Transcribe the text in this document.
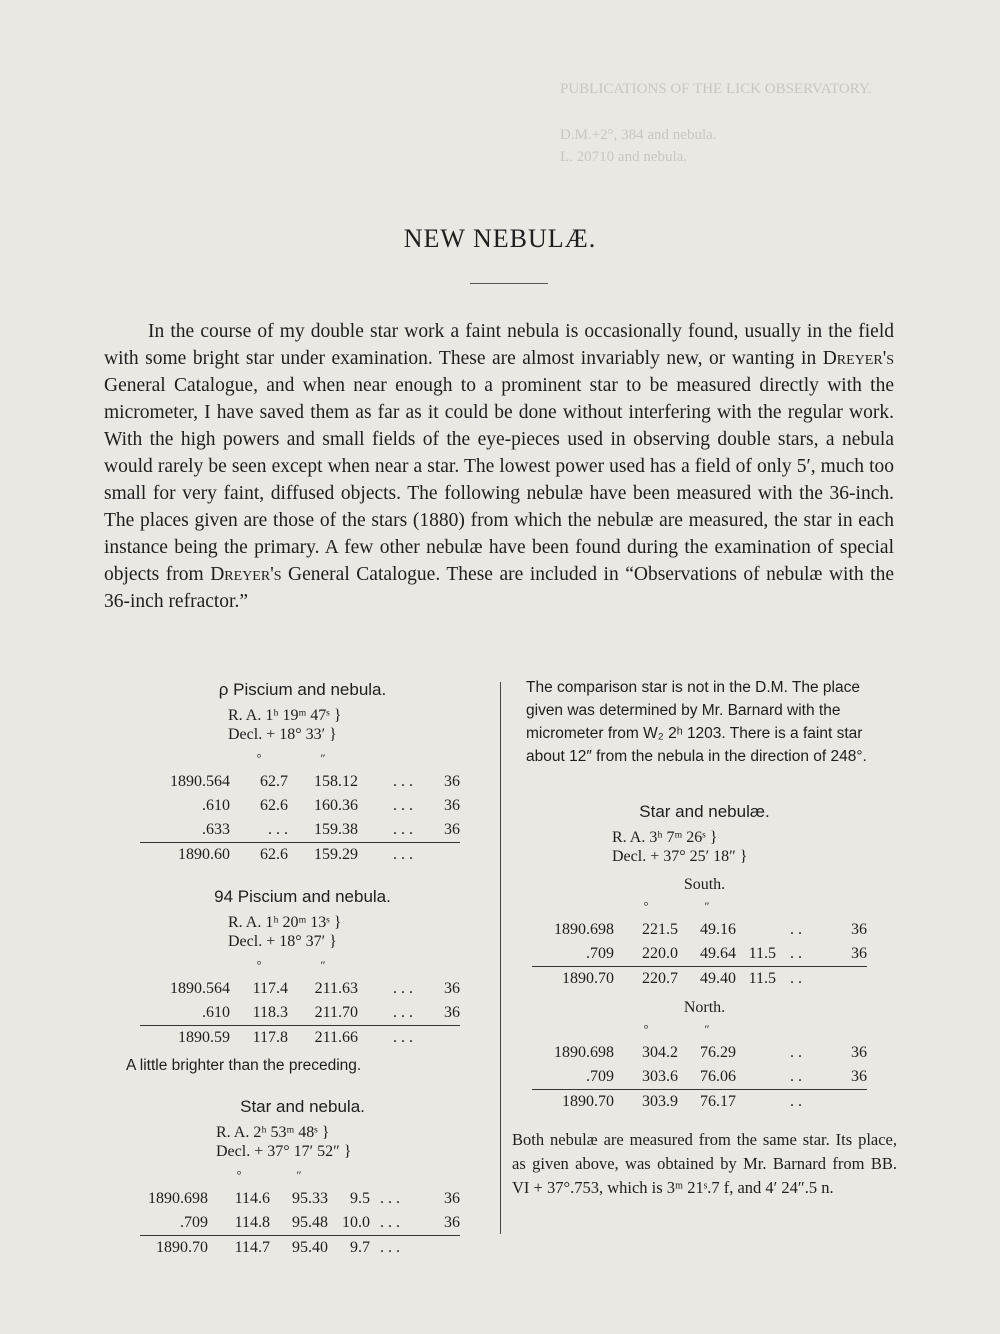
PUBLICATIONS OF THE LICK OBSERVATORY.
D.M.+2°, 384 and nebula.
L. 20710 and nebula.
NEW NEBULÆ.

In the course of my double star work a faint nebula is occasionally found, usually in the field with some bright star under examination. These are almost invariably new, or wanting in Dreyer's General Catalogue, and when near enough to a prominent star to be measured directly with the micrometer, I have saved them as far as it could be done without interfering with the regular work. With the high powers and small fields of the eye-pieces used in observing double stars, a nebula would rarely be seen except when near a star. The lowest power used has a field of only 5′, much too small for very faint, diffused objects. The following nebulæ have been measured with the 36-inch. The places given are those of the stars (1880) from which the nebulæ are measured, the star in each instance being the primary. A few other nebulæ have been found during the examination of special objects from Dreyer's General Catalogue. These are included in “Observations of nebulæ with the 36-inch refractor.”

ρ Piscium and nebula.
R. A. 1ʰ 19ᵐ 47ˢ }
Decl. + 18° 33′ }
	°	″			
1890.564	62.7	158.12		. . .	36
.610	62.6	160.36		. . .	36
.633	. . .	159.38		. . .	36
1890.60	62.6	159.29		. . .	
94 Piscium and nebula.
R. A. 1ʰ 20ᵐ 13ˢ }
Decl. + 18° 37′ }
	°	″			
1890.564	117.4	211.63		. . .	36
.610	118.3	211.70		. . .	36
1890.59	117.8	211.66		. . .	
A little brighter than the preceding.
Star and nebula.
R. A. 2ʰ 53ᵐ 48ˢ }
Decl. + 37° 17′ 52″ }
	°	″			
1890.698	114.6	95.33	9.5	. . .	36
.709	114.8	95.48	10.0	. . .	36
1890.70	114.7	95.40	9.7	. . .	
The comparison star is not in the D.M. The place given was determined by Mr. Barnard with the micrometer from W₂ 2ʰ 1203. There is a faint star about 12″ from the nebula in the direction of 248°.
Star and nebulæ.
R. A. 3ʰ 7ᵐ 26ˢ }
Decl. + 37° 25′ 18″ }
South.
	°	″			
1890.698	221.5	49.16		. .	36
.709	220.0	49.64	11.5	. .	36
1890.70	220.7	49.40	11.5	. .	
North.
	°	″			
1890.698	304.2	76.29		. .	36
.709	303.6	76.06		. .	36
1890.70	303.9	76.17		. .	
Both nebulæ are measured from the same star. Its place, as given above, was obtained by Mr. Barnard from BB. VI + 37°.753, which is 3ᵐ 21ˢ.7 f, and 4′ 24″.5 n.
